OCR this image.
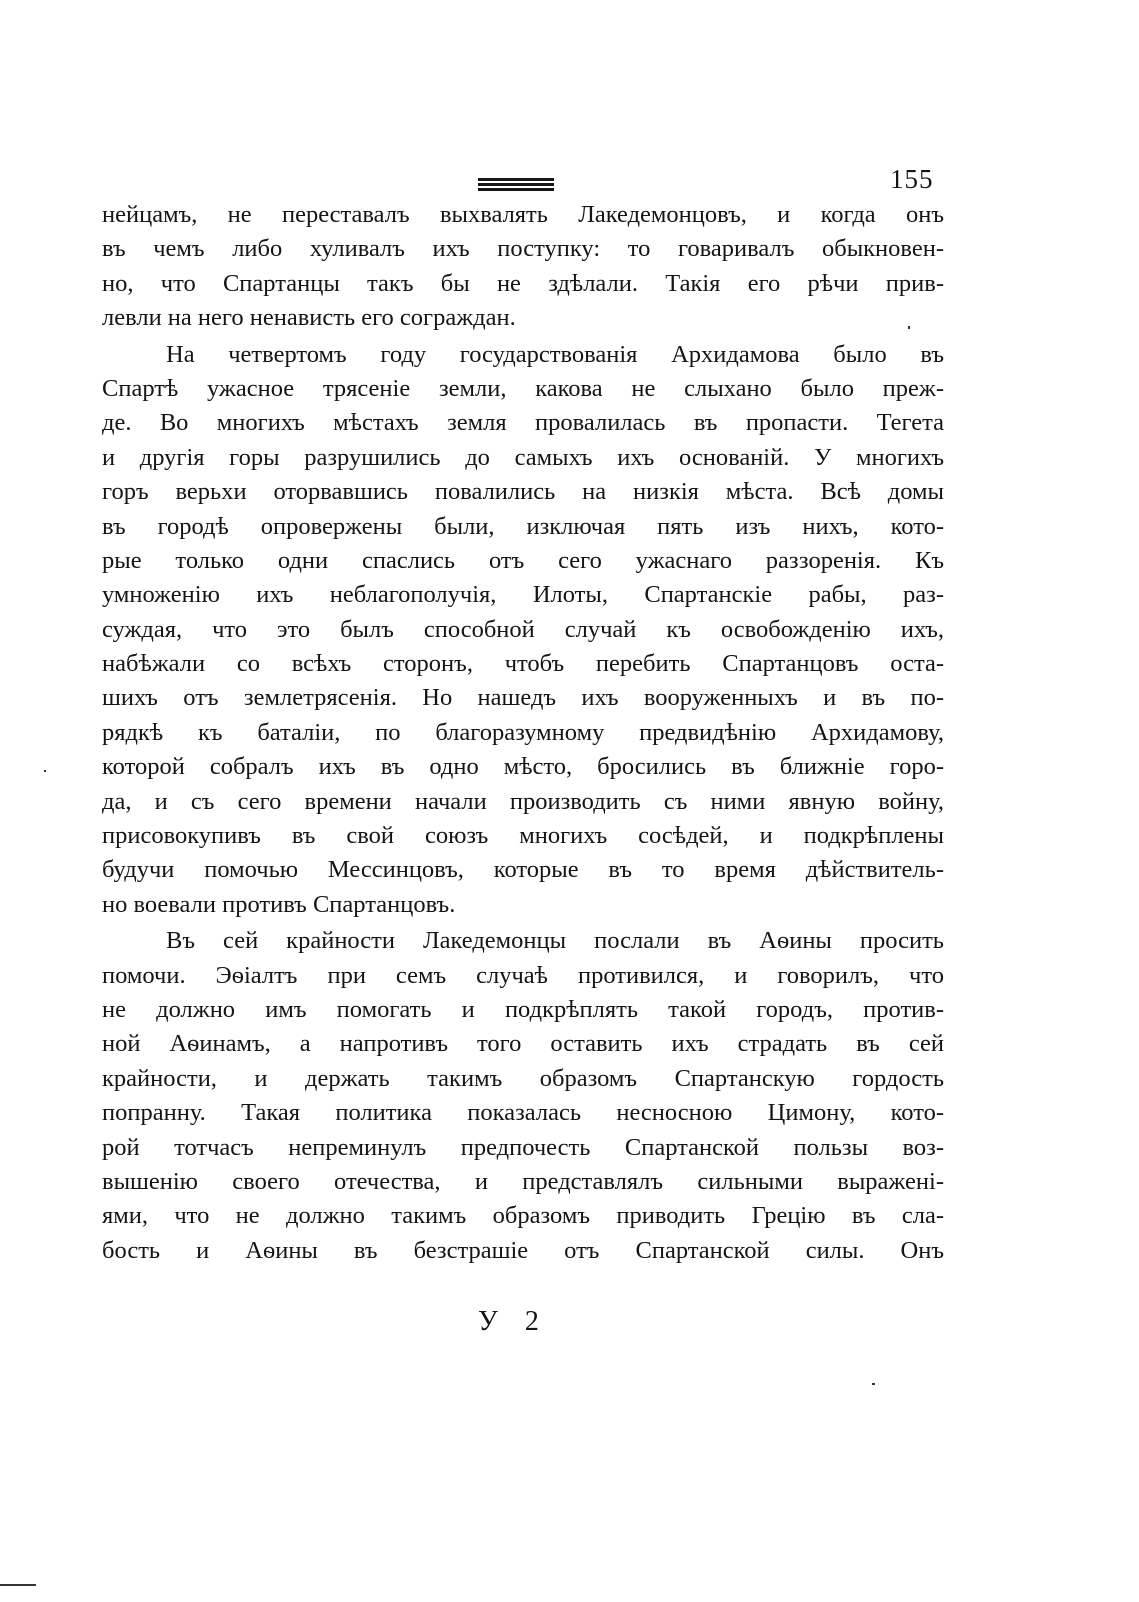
155
нейцамъ, не переставалъ выхвалять Лакедемонцовъ, и когда онъ
въ чемъ либо хуливалъ ихъ поступку: то говаривалъ обыкновен-
но, что Спартанцы такъ бы не здѣлали. Такія его рѣчи прив-
левли на него ненависть его сограждан.
На четвертомъ году государствованія Архидамова было въ
Спартѣ ужасное трясеніе земли, какова не слыхано было преж-
де. Во многихъ мѣстахъ земля провалилась въ пропасти. Тегета
и другія горы разрушились до самыхъ ихъ основаній. У многихъ
горъ верьхи оторвавшись повалились на низкія мѣста. Всѣ домы
въ городѣ опровержены были, изключая пять изъ нихъ, кото-
рые только одни спаслись отъ сего ужаснаго раззоренія. Къ
умноженію ихъ неблагополучія, Илоты, Спартанскіе рабы, раз-
суждая, что это былъ способной случай къ освобожденію ихъ,
набѣжали со всѣхъ сторонъ, чтобъ перебить Спартанцовъ оста-
шихъ отъ землетрясенія. Но нашедъ ихъ вооруженныхъ и въ по-
рядкѣ къ баталіи, по благоразумному предвидѣнію Архидамову,
которой собралъ ихъ въ одно мѣсто, бросились въ ближніе горо-
да, и съ сего времени начали производить съ ними явную войну,
присовокупивъ въ свой союзъ многихъ сосѣдей, и подкрѣплены
будучи помочью Мессинцовъ, которые въ то время дѣйствитель-
но воевали противъ Спартанцовъ.
Въ сей крайности Лакедемонцы послали въ Аѳины просить
помочи. Эѳіалтъ при семъ случаѣ противился, и говорилъ, что
не должно имъ помогать и подкрѣплять такой городъ, против-
ной Аѳинамъ, а напротивъ того оставить ихъ страдать въ сей
крайности, и держать такимъ образомъ Спартанскую гордость
попранну. Такая политика показалась несносною Цимону, кото-
рой тотчасъ непреминулъ предпочесть Спартанской пользы воз-
вышенію своего отечества, и представлялъ сильными выражені-
ями, что не должно такимъ образомъ приводить Грецію въ сла-
бость и Аѳины въ безстрашіе отъ Спартанской силы. Онъ
У 2
